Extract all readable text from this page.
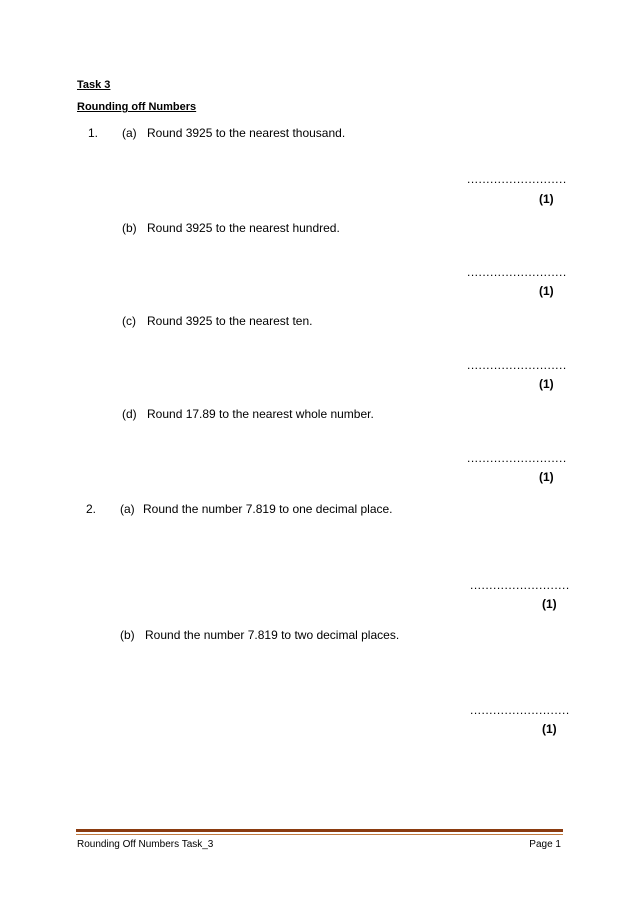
Task 3
Rounding off Numbers
1. (a) Round 3925 to the nearest thousand.
..........................
(1)
(b) Round 3925 to the nearest hundred.
..........................
(1)
(c) Round 3925 to the nearest ten.
..........................
(1)
(d) Round 17.89 to the nearest whole number.
..........................
(1)
2. (a) Round the number 7.819 to one decimal place.
..........................
(1)
(b) Round the number 7.819 to two decimal places.
..........................
(1)
Rounding Off Numbers Task_3	Page 1
